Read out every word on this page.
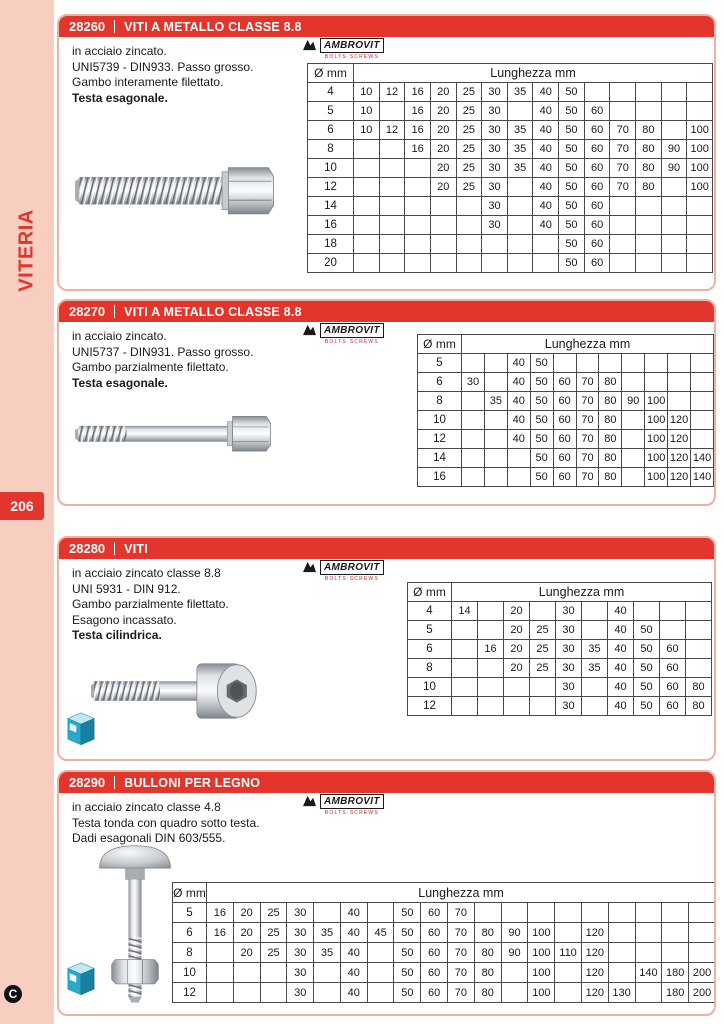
VITERIA
206
C
28260 VITI A METALLO CLASSE 8.8
in acciaio zincato.
UNI5739 - DIN933. Passo grosso.
Gambo interamente filettato.
Testa esagonale.
AMBROVIT
BOLTS·SCREWS
Ø mm	Lunghezza mm													
4	10	12	16	20	25	30	35	40	50					
5	10		16	20	25	30		40	50	60				
6	10	12	16	20	25	30	35	40	50	60	70	80		100
8			16	20	25	30	35	40	50	60	70	80	90	100
10				20	25	30	35	40	50	60	70	80	90	100
12				20	25	30		40	50	60	70	80		100
14						30		40	50	60				
16						30		40	50	60				
18									50	60				
20									50	60				
28270 VITI A METALLO CLASSE 8.8
in acciaio zincato.
UNI5737 - DIN931. Passo grosso.
Gambo parzialmente filettato.
Testa esagonale.
AMBROVIT
BOLTS·SCREWS	Ø mm	Lunghezza mm										
5			40	50							
6	30		40	50	60	70	80				
8		35	40	50	60	70	80	90	100		
10			40	50	60	70	80		100	120	
12			40	50	60	70	80		100	120	
14				50	60	70	80		100	120	140
16				50	60	70	80		100	120	140
28280 VITI
in acciaio zincato classe 8.8
UNI 5931 - DIN 912.
Gambo parzialmente filettato.
Esagono incassato.
Testa cilindrica.
AMBROVIT
BOLTS·SCREWS
Ø mm	Lunghezza mm									
4	14		20		30		40			
5			20	25	30		40	50		
6		16	20	25	30	35	40	50	60	
8			20	25	30	35	40	50	60	
10					30		40	50	60	80
12					30		40	50	60	80
28290 BULLONI PER LEGNO
in acciaio zincato classe 4.8
Testa tonda con quadro sotto testa.
Dadi esagonali DIN 603/555.
AMBROVIT
BOLTS·SCREWS
Ø mm	Lunghezza mm																		
5	16	20	25	30		40		50	60	70									
6	16	20	25	30	35	40	45	50	60	70	80	90	100		120				
8		20	25	30	35	40		50	60	70	80	90	100	110	120				
10				30		40		50	60	70	80		100		120		140	180	200
12				30		40		50	60	70	80		100		120	130		180	200
